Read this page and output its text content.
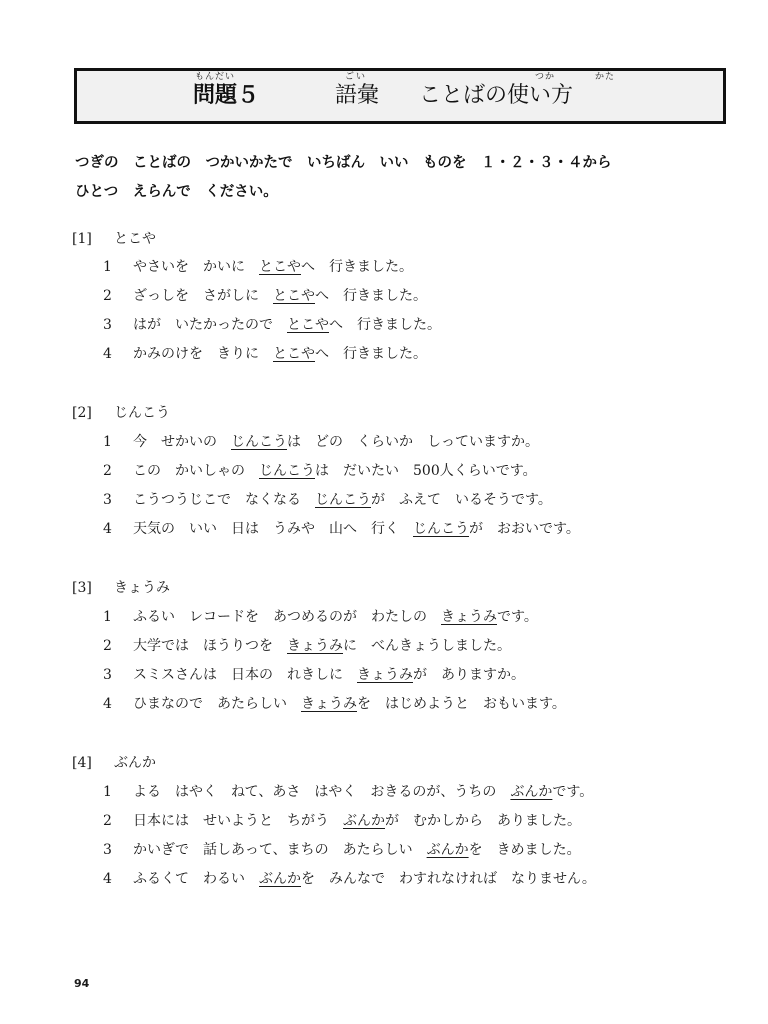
もんだい	ごい	つか	かた
問題５	語彙 ことばの使い方
つぎの　ことばの　つかいかたで　いちばん　いい　ものを　１・２・３・４から
ひとつ　えらんで　ください。
[1] とこや
1 やさいを　かいに　とこやへ　行きました。
2 ざっしを　さがしに　とこやへ　行きました。
3 はが　いたかったので　とこやへ　行きました。
4 かみのけを　きりに　とこやへ　行きました。
[2] じんこう
1 今　せかいの　じんこうは　どの　くらいか　しっていますか。
2 この　かいしゃの　じんこうは　だいたい　500人くらいです。
3 こうつうじこで　なくなる　じんこうが　ふえて　いるそうです。
4 天気の　いい　日は　うみや　山へ　行く　じんこうが　おおいです。
[3] きょうみ
1 ふるい　レコードを　あつめるのが　わたしの　きょうみです。
2 大学では　ほうりつを　きょうみに　べんきょうしました。
3 スミスさんは　日本の　れきしに　きょうみが　ありますか。
4 ひまなので　あたらしい　きょうみを　はじめようと　おもいます。
[4] ぶんか
1 よる　はやく　ねて、あさ　はやく　おきるのが、うちの　ぶんかです。
2 日本には　せいようと　ちがう　ぶんかが　むかしから　ありました。
3 かいぎで　話しあって、まちの　あたらしい　ぶんかを　きめました。
4 ふるくて　わるい　ぶんかを　みんなで　わすれなければ　なりません。
94
